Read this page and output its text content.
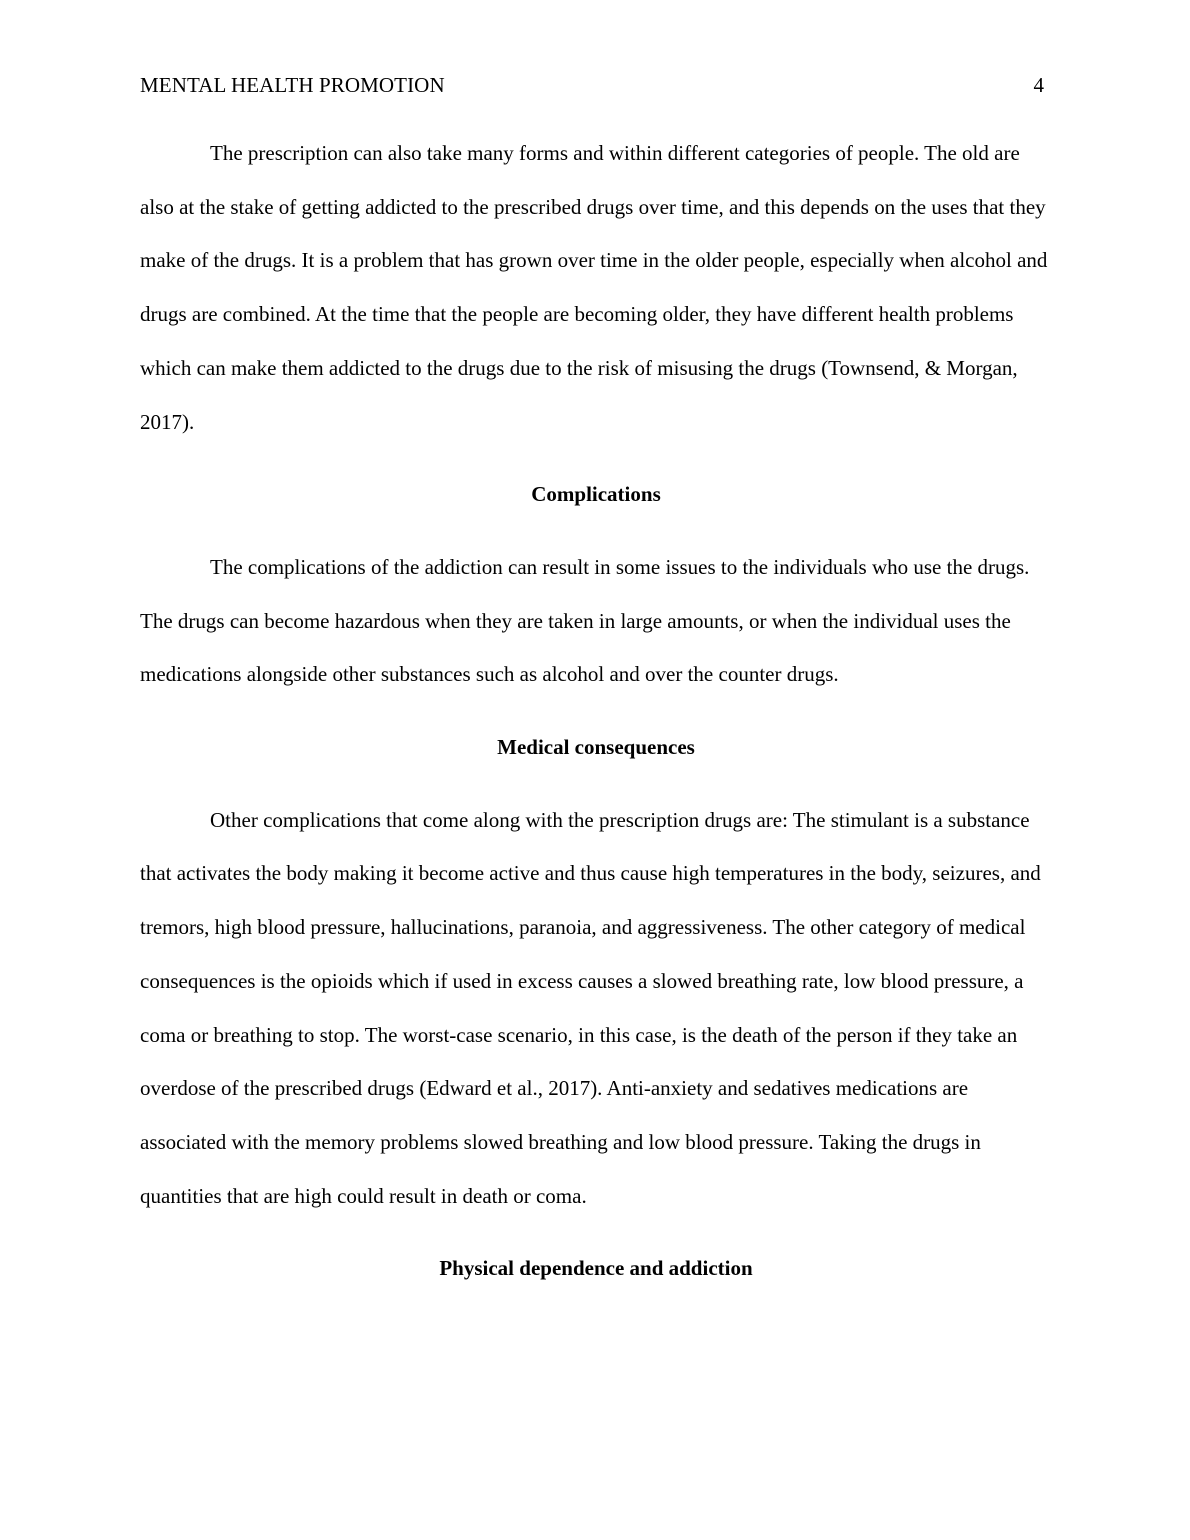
MENTAL HEALTH PROMOTION	4

The prescription can also take many forms and within different categories of people. The old are also at the stake of getting addicted to the prescribed drugs over time, and this depends on the uses that they make of the drugs. It is a problem that has grown over time in the older people, especially when alcohol and drugs are combined. At the time that the people are becoming older, they have different health problems which can make them addicted to the drugs due to the risk of misusing the drugs (Townsend, & Morgan, 2017).

Complications

The complications of the addiction can result in some issues to the individuals who use the drugs. The drugs can become hazardous when they are taken in large amounts, or when the individual uses the medications alongside other substances such as alcohol and over the counter drugs.

Medical consequences

Other complications that come along with the prescription drugs are: The stimulant is a substance that activates the body making it become active and thus cause high temperatures in the body, seizures, and tremors, high blood pressure, hallucinations, paranoia, and aggressiveness. The other category of medical consequences is the opioids which if used in excess causes a slowed breathing rate, low blood pressure, a coma or breathing to stop. The worst-case scenario, in this case, is the death of the person if they take an overdose of the prescribed drugs (Edward et al., 2017). Anti-anxiety and sedatives medications are associated with the memory problems slowed breathing and low blood pressure. Taking the drugs in quantities that are high could result in death or coma.

Physical dependence and addiction
